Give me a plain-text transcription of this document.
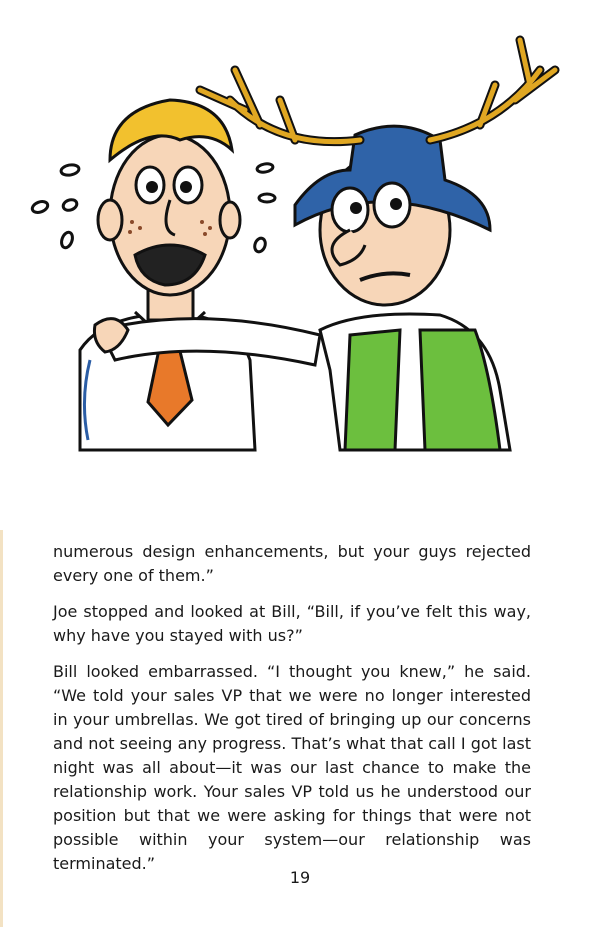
numerous design enhancements, but your guys rejected every one of them.”

Joe stopped and looked at Bill, “Bill, if you’ve felt this way, why have you stayed with us?”

Bill looked embarrassed. “I thought you knew,” he said. “We told your sales VP that we were no longer interested in your umbrellas. We got tired of bringing up our concerns and not seeing any progress. That’s what that call I got last night was all about—it was our last chance to make the relationship work. Your sales VP told us he understood our position but that we were asking for things that were not possible within your system—our relationship was terminated.”

19
